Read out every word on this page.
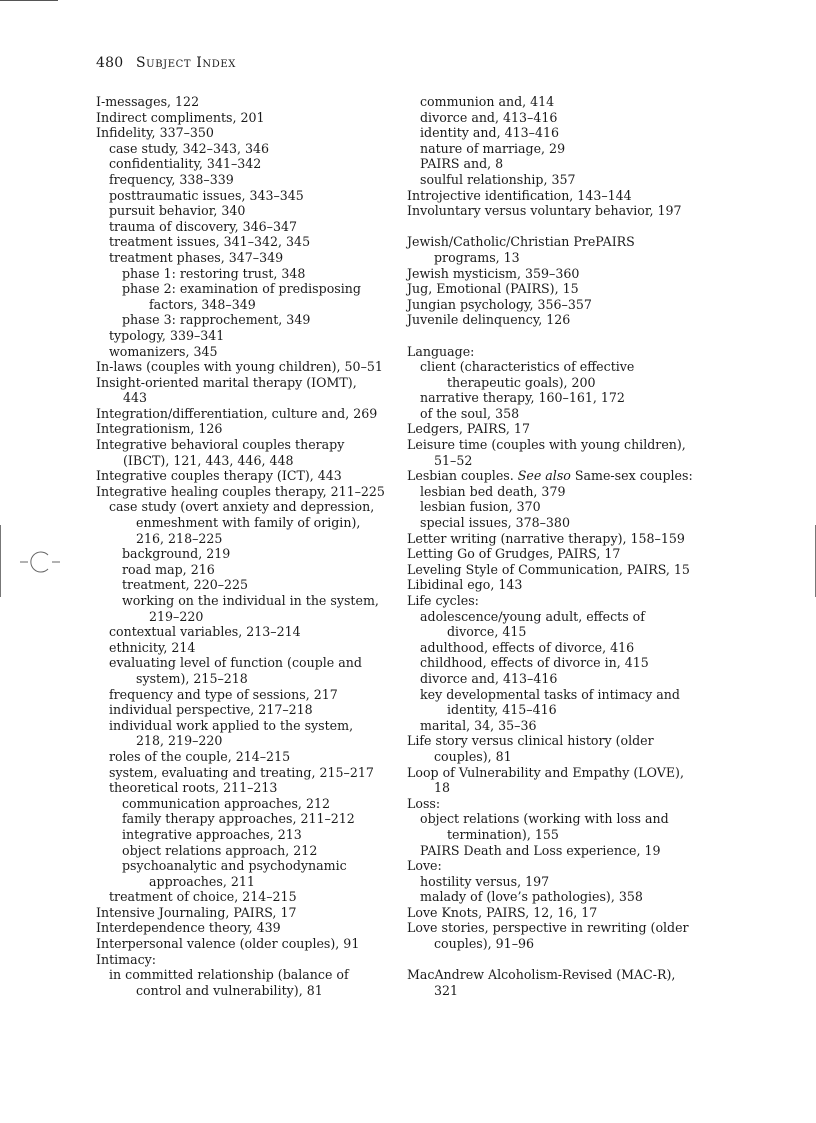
480 Subject Index

I-messages, 122

Indirect compliments, 201

Infidelity, 337–350

case study, 342–343, 346

confidentiality, 341–342

frequency, 338–339

posttraumatic issues, 343–345

pursuit behavior, 340

trauma of discovery, 346–347

treatment issues, 341–342, 345

treatment phases, 347–349

phase 1: restoring trust, 348

phase 2: examination of predisposing
factors, 348–349

phase 3: rapprochement, 349

typology, 339–341

womanizers, 345

In-laws (couples with young children), 50–51

Insight-oriented marital therapy (IOMT),
443

Integration/differentiation, culture and, 269

Integrationism, 126

Integrative behavioral couples therapy
(IBCT), 121, 443, 446, 448

Integrative couples therapy (ICT), 443

Integrative healing couples therapy, 211–225

case study (overt anxiety and depression,
enmeshment with family of origin),
216, 218–225

background, 219

road map, 216

treatment, 220–225

working on the individual in the system,
219–220

contextual variables, 213–214

ethnicity, 214

evaluating level of function (couple and
system), 215–218

frequency and type of sessions, 217

individual perspective, 217–218

individual work applied to the system,
218, 219–220

roles of the couple, 214–215

system, evaluating and treating, 215–217

theoretical roots, 211–213

communication approaches, 212

family therapy approaches, 211–212

integrative approaches, 213

object relations approach, 212

psychoanalytic and psychodynamic
approaches, 211

treatment of choice, 214–215

Intensive Journaling, PAIRS, 17

Interdependence theory, 439

Interpersonal valence (older couples), 91

Intimacy:

in committed relationship (balance of
control and vulnerability), 81

communion and, 414

divorce and, 413–416

identity and, 413–416

nature of marriage, 29

PAIRS and, 8

soulful relationship, 357

Introjective identification, 143–144

Involuntary versus voluntary behavior, 197

Jewish/Catholic/Christian PrePAIRS
programs, 13

Jewish mysticism, 359–360

Jug, Emotional (PAIRS), 15

Jungian psychology, 356–357

Juvenile delinquency, 126

Language:

client (characteristics of effective
therapeutic goals), 200

narrative therapy, 160–161, 172

of the soul, 358

Ledgers, PAIRS, 17

Leisure time (couples with young children),
51–52

Lesbian couples. See also Same-sex couples:

lesbian bed death, 379

lesbian fusion, 370

special issues, 378–380

Letter writing (narrative therapy), 158–159

Letting Go of Grudges, PAIRS, 17

Leveling Style of Communication, PAIRS, 15

Libidinal ego, 143

Life cycles:

adolescence/young adult, effects of
divorce, 415

adulthood, effects of divorce, 416

childhood, effects of divorce in, 415

divorce and, 413–416

key developmental tasks of intimacy and
identity, 415–416

marital, 34, 35–36

Life story versus clinical history (older
couples), 81

Loop of Vulnerability and Empathy (LOVE),
18

Loss:

object relations (working with loss and
termination), 155

PAIRS Death and Loss experience, 19

Love:

hostility versus, 197

malady of (love’s pathologies), 358

Love Knots, PAIRS, 12, 16, 17

Love stories, perspective in rewriting (older
couples), 91–96

MacAndrew Alcoholism-Revised (MAC-R),
321
